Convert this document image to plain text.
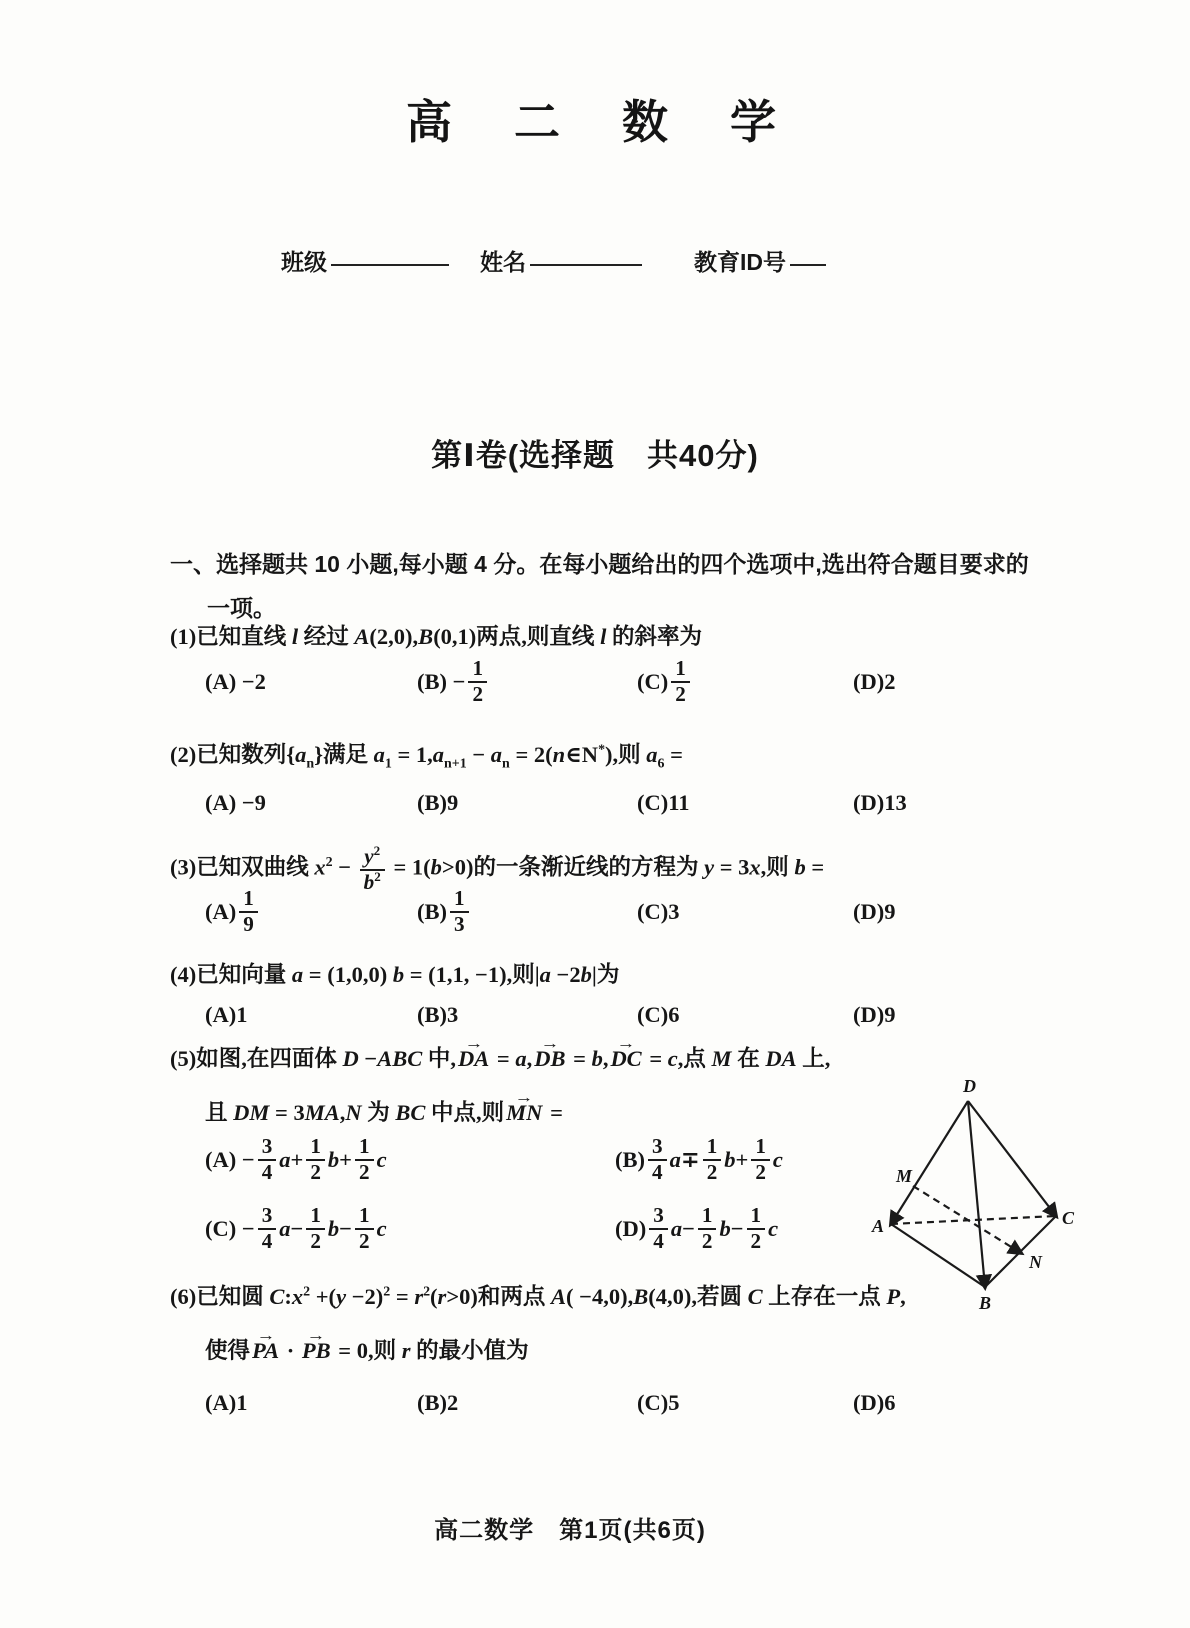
高　二　数　学
班级	姓名	教育ID号
第Ⅰ卷(选择题　共40分)
一、选择题共 10 小题,每小题 4 分。在每小题给出的四个选项中,选出符合题目要求的
一项。
(1)已知直线 l 经过 A(2,0),B(0,1)两点,则直线 l 的斜率为
(A) −2	$(B) - \frac{1}{2}$	$(C) \frac{1}{2}$	(D)2
(2)已知数列$\{a_n\}$满足 $a_1 = 1,a_{n+1} - a_n$ = 2(n∈N*),则 $a_6$ =
(A) −9	(B)9	(C)11	(D)13
(3)已知双曲线 $x^2 - \frac{y^2}{b^2} = 1(b>0)$的一条渐近线的方程为 y = 3x,则 b =
$(A) \frac{1}{9}$	$(B) \frac{1}{3}$	(C)3	(D)9
(4)已知向量 a = (1,0,0) b = (1,1, −1),则|a −2b|为
(A)1	(B)3	(C)6	(D)9
(5)如图,在四面体 D −ABC 中,→ DA = a,→ DB = b,→ DC = c,点 M 在 DA 上,
且 DM = 3MA,N 为 BC 中点,则→ MN =
$(A) - \frac{3}{4}$ $a + \frac{1}{2}$ $b + \frac{1}{2}$ c	$(B) \frac{3}{4}$ $a \mp \frac{1}{2}$ $b + \frac{1}{2}$ c
$(C) - \frac{3}{4}$ $a - \frac{1}{2}$ $b - \frac{1}{2}$ c	$(D) \frac{3}{4}$ $a - \frac{1}{2}$ $b - \frac{1}{2}$ c
D
M
A	C
N
B
(6)已知圆 $C:x^2 +(y -2)^2 = r^2(r>0)$和两点 A( −4,0),B(4,0),若圆 C 上存在一点 P,
使得→ PA · → PB = 0,则 r 的最小值为
(A)1	(B)2	(C)5	(D)6
高二数学　第1页(共6页)
